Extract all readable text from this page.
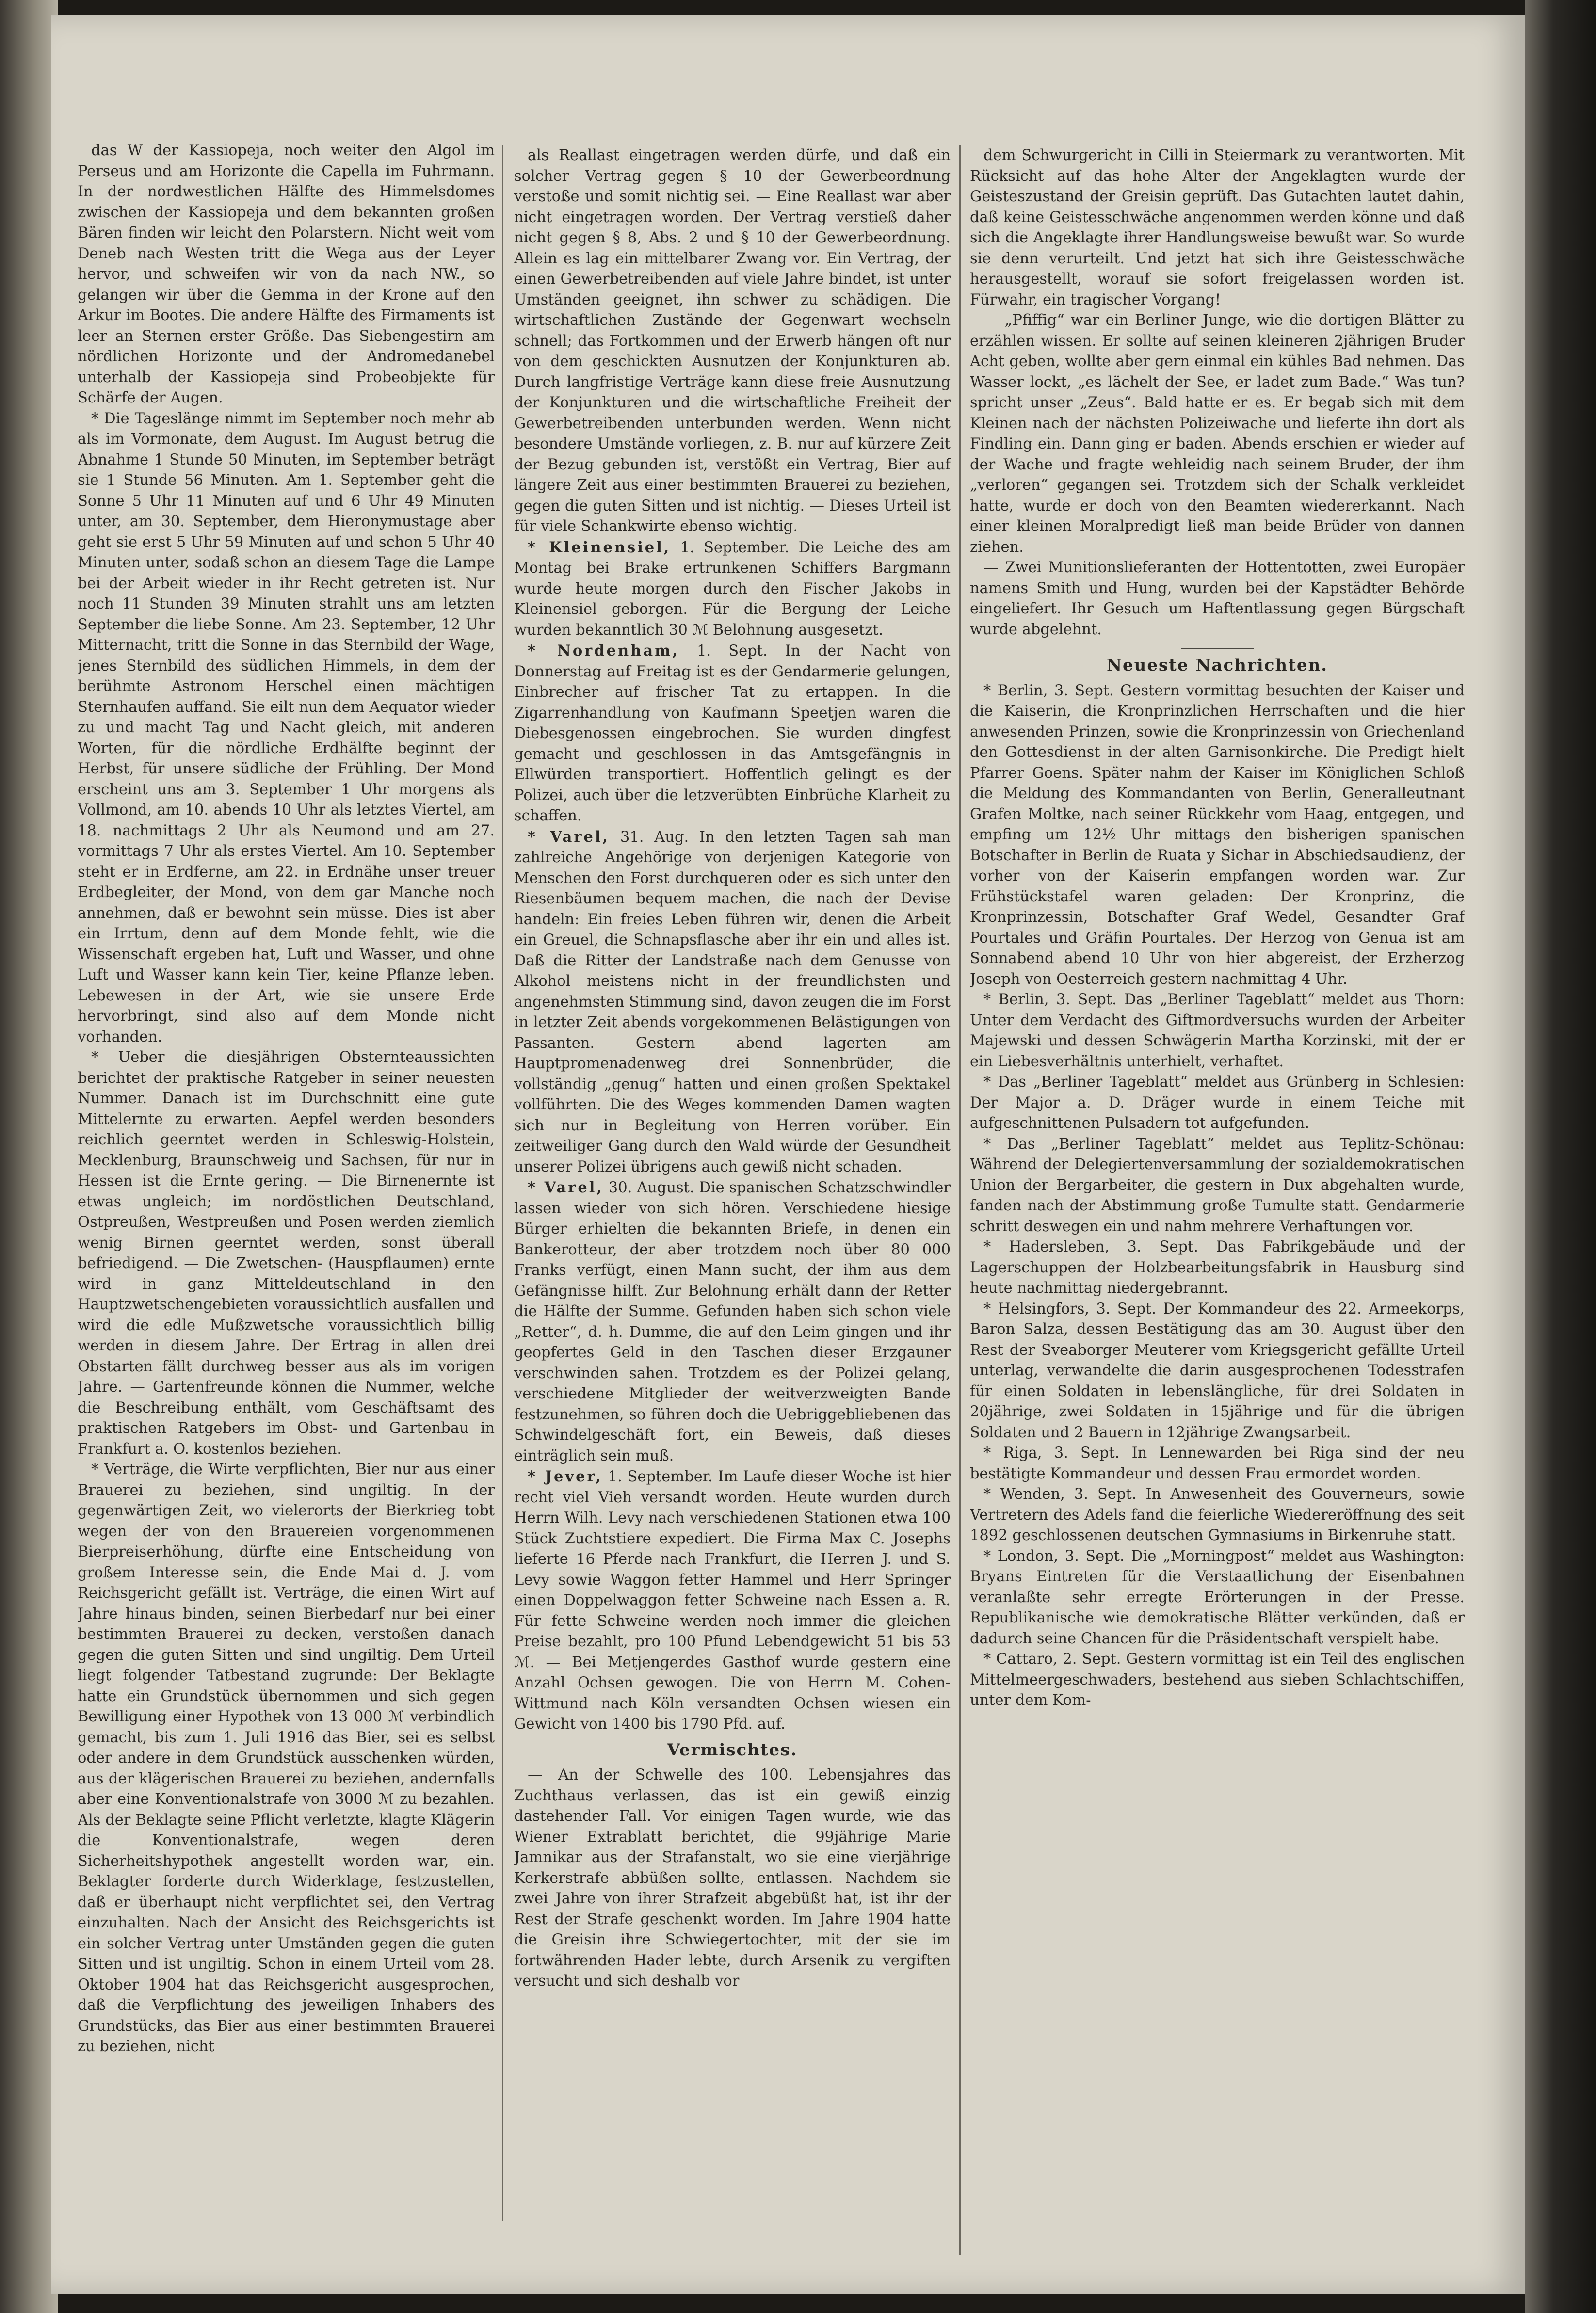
das W der Kassiopeja, noch weiter den Algol im Perseus und am Horizonte die Capella im Fuhrmann. In der nordwestlichen Hälfte des Himmelsdomes zwischen der Kassiopeja und dem bekannten großen Bären finden wir leicht den Polarstern. Nicht weit vom Deneb nach Westen tritt die Wega aus der Leyer hervor, und schweifen wir von da nach NW., so gelangen wir über die Gemma in der Krone auf den Arkur im Bootes. Die andere Hälfte des Firmaments ist leer an Sternen erster Größe. Das Siebengestirn am nördlichen Horizonte und der Andromedanebel unterhalb der Kassiopeja sind Probeobjekte für Schärfe der Augen.

* Die Tageslänge nimmt im September noch mehr ab als im Vormonate, dem August. Im August betrug die Abnahme 1 Stunde 50 Minuten, im September beträgt sie 1 Stunde 56 Minuten. Am 1. September geht die Sonne 5 Uhr 11 Minuten auf und 6 Uhr 49 Minuten unter, am 30. September, dem Hieronymustage aber geht sie erst 5 Uhr 59 Minuten auf und schon 5 Uhr 40 Minuten unter, sodaß schon an diesem Tage die Lampe bei der Arbeit wieder in ihr Recht getreten ist. Nur noch 11 Stunden 39 Minuten strahlt uns am letzten September die liebe Sonne. Am 23. September, 12 Uhr Mitternacht, tritt die Sonne in das Sternbild der Wage, jenes Sternbild des südlichen Himmels, in dem der berühmte Astronom Herschel einen mächtigen Sternhaufen auffand. Sie eilt nun dem Aequator wieder zu und macht Tag und Nacht gleich, mit anderen Worten, für die nördliche Erdhälfte beginnt der Herbst, für unsere südliche der Frühling. Der Mond erscheint uns am 3. September 1 Uhr morgens als Vollmond, am 10. abends 10 Uhr als letztes Viertel, am 18. nachmittags 2 Uhr als Neumond und am 27. vormittags 7 Uhr als erstes Viertel. Am 10. September steht er in Erdferne, am 22. in Erdnähe unser treuer Erdbegleiter, der Mond, von dem gar Manche noch annehmen, daß er bewohnt sein müsse. Dies ist aber ein Irrtum, denn auf dem Monde fehlt, wie die Wissenschaft ergeben hat, Luft und Wasser, und ohne Luft und Wasser kann kein Tier, keine Pflanze leben. Lebewesen in der Art, wie sie unsere Erde hervorbringt, sind also auf dem Monde nicht vorhanden.

* Ueber die diesjährigen Obsternteaussichten berichtet der praktische Ratgeber in seiner neuesten Nummer. Danach ist im Durchschnitt eine gute Mittelernte zu erwarten. Aepfel werden besonders reichlich geerntet werden in Schleswig-Holstein, Mecklenburg, Braunschweig und Sachsen, für nur in Hessen ist die Ernte gering. — Die Birnenernte ist etwas ungleich; im nordöstlichen Deutschland, Ostpreußen, Westpreußen und Posen werden ziemlich wenig Birnen geerntet werden, sonst überall befriedigend. — Die Zwetschen- (Hauspflaumen) ernte wird in ganz Mitteldeutschland in den Hauptzwetschengebieten voraussichtlich ausfallen und wird die edle Mußzwetsche voraussichtlich billig werden in diesem Jahre. Der Ertrag in allen drei Obstarten fällt durchweg besser aus als im vorigen Jahre. — Gartenfreunde können die Nummer, welche die Beschreibung enthält, vom Geschäftsamt des praktischen Ratgebers im Obst- und Gartenbau in Frankfurt a. O. kostenlos beziehen.

* Verträge, die Wirte verpflichten, Bier nur aus einer Brauerei zu beziehen, sind ungiltig. In der gegenwärtigen Zeit, wo vielerorts der Bierkrieg tobt wegen der von den Brauereien vorgenommenen Bierpreiserhöhung, dürfte eine Entscheidung von großem Interesse sein, die Ende Mai d. J. vom Reichsgericht gefällt ist. Verträge, die einen Wirt auf Jahre hinaus binden, seinen Bierbedarf nur bei einer bestimmten Brauerei zu decken, verstoßen danach gegen die guten Sitten und sind ungiltig. Dem Urteil liegt folgender Tatbestand zugrunde: Der Beklagte hatte ein Grundstück übernommen und sich gegen Bewilligung einer Hypothek von 13 000 ℳ verbindlich gemacht, bis zum 1. Juli 1916 das Bier, sei es selbst oder andere in dem Grundstück ausschenken würden, aus der klägerischen Brauerei zu beziehen, andernfalls aber eine Konventionalstrafe von 3000 ℳ zu bezahlen. Als der Beklagte seine Pflicht verletzte, klagte Klägerin die Konventionalstrafe, wegen deren Sicherheitshypothek angestellt worden war, ein. Beklagter forderte durch Widerklage, festzustellen, daß er überhaupt nicht verpflichtet sei, den Vertrag einzuhalten. Nach der Ansicht des Reichsgerichts ist ein solcher Vertrag unter Umständen gegen die guten Sitten und ist ungiltig. Schon in einem Urteil vom 28. Oktober 1904 hat das Reichsgericht ausgesprochen, daß die Verpflichtung des jeweiligen Inhabers des Grundstücks, das Bier aus einer bestimmten Brauerei zu beziehen, nicht

als Reallast eingetragen werden dürfe, und daß ein solcher Vertrag gegen § 10 der Gewerbeordnung verstoße und somit nichtig sei. — Eine Reallast war aber nicht eingetragen worden. Der Vertrag verstieß daher nicht gegen § 8, Abs. 2 und § 10 der Gewerbeordnung. Allein es lag ein mittelbarer Zwang vor. Ein Vertrag, der einen Gewerbetreibenden auf viele Jahre bindet, ist unter Umständen geeignet, ihn schwer zu schädigen. Die wirtschaftlichen Zustände der Gegenwart wechseln schnell; das Fortkommen und der Erwerb hängen oft nur von dem geschickten Ausnutzen der Konjunkturen ab. Durch langfristige Verträge kann diese freie Ausnutzung der Konjunkturen und die wirtschaftliche Freiheit der Gewerbetreibenden unterbunden werden. Wenn nicht besondere Umstände vorliegen, z. B. nur auf kürzere Zeit der Bezug gebunden ist, verstößt ein Vertrag, Bier auf längere Zeit aus einer bestimmten Brauerei zu beziehen, gegen die guten Sitten und ist nichtig. — Dieses Urteil ist für viele Schankwirte ebenso wichtig.

* Kleinensiel, 1. September. Die Leiche des am Montag bei Brake ertrunkenen Schiffers Bargmann wurde heute morgen durch den Fischer Jakobs in Kleinensiel geborgen. Für die Bergung der Leiche wurden bekanntlich 30 ℳ Belohnung ausgesetzt.

* Nordenham, 1. Sept. In der Nacht von Donnerstag auf Freitag ist es der Gendarmerie gelungen, Einbrecher auf frischer Tat zu ertappen. In die Zigarrenhandlung von Kaufmann Speetjen waren die Diebesgenossen eingebrochen. Sie wurden dingfest gemacht und geschlossen in das Amtsgefängnis in Ellwürden transportiert. Hoffentlich gelingt es der Polizei, auch über die letzverübten Einbrüche Klarheit zu schaffen.

* Varel, 31. Aug. In den letzten Tagen sah man zahlreiche Angehörige von derjenigen Kategorie von Menschen den Forst durchqueren oder es sich unter den Riesenbäumen bequem machen, die nach der Devise handeln: Ein freies Leben führen wir, denen die Arbeit ein Greuel, die Schnapsflasche aber ihr ein und alles ist. Daß die Ritter der Landstraße nach dem Genusse von Alkohol meistens nicht in der freundlichsten und angenehmsten Stimmung sind, davon zeugen die im Forst in letzter Zeit abends vorgekommenen Belästigungen von Passanten. Gestern abend lagerten am Hauptpromenadenweg drei Sonnenbrüder, die vollständig „genug“ hatten und einen großen Spektakel vollführten. Die des Weges kommenden Damen wagten sich nur in Begleitung von Herren vorüber. Ein zeitweiliger Gang durch den Wald würde der Gesundheit unserer Polizei übrigens auch gewiß nicht schaden.

* Varel, 30. August. Die spanischen Schatzschwindler lassen wieder von sich hören. Verschiedene hiesige Bürger erhielten die bekannten Briefe, in denen ein Bankerotteur, der aber trotzdem noch über 80 000 Franks verfügt, einen Mann sucht, der ihm aus dem Gefängnisse hilft. Zur Belohnung erhält dann der Retter die Hälfte der Summe. Gefunden haben sich schon viele „Retter“, d. h. Dumme, die auf den Leim gingen und ihr geopfertes Geld in den Taschen dieser Erzgauner verschwinden sahen. Trotzdem es der Polizei gelang, verschiedene Mitglieder der weitverzweigten Bande festzunehmen, so führen doch die Uebriggebliebenen das Schwindelgeschäft fort, ein Beweis, daß dieses einträglich sein muß.

* Jever, 1. September. Im Laufe dieser Woche ist hier recht viel Vieh versandt worden. Heute wurden durch Herrn Wilh. Levy nach verschiedenen Stationen etwa 100 Stück Zuchtstiere expediert. Die Firma Max C. Josephs lieferte 16 Pferde nach Frankfurt, die Herren J. und S. Levy sowie Waggon fetter Hammel und Herr Springer einen Doppelwaggon fetter Schweine nach Essen a. R. Für fette Schweine werden noch immer die gleichen Preise bezahlt, pro 100 Pfund Lebendgewicht 51 bis 53 ℳ. — Bei Metjengerdes Gasthof wurde gestern eine Anzahl Ochsen gewogen. Die von Herrn M. Cohen-Wittmund nach Köln versandten Ochsen wiesen ein Gewicht von 1400 bis 1790 Pfd. auf.

Vermischtes.

— An der Schwelle des 100. Lebensjahres das Zuchthaus verlassen, das ist ein gewiß einzig dastehender Fall. Vor einigen Tagen wurde, wie das Wiener Extrablatt berichtet, die 99jährige Marie Jamnikar aus der Strafanstalt, wo sie eine vierjährige Kerkerstrafe abbüßen sollte, entlassen. Nachdem sie zwei Jahre von ihrer Strafzeit abgebüßt hat, ist ihr der Rest der Strafe geschenkt worden. Im Jahre 1904 hatte die Greisin ihre Schwiegertochter, mit der sie im fortwährenden Hader lebte, durch Arsenik zu vergiften versucht und sich deshalb vor

dem Schwurgericht in Cilli in Steiermark zu verantworten. Mit Rücksicht auf das hohe Alter der Angeklagten wurde der Geisteszustand der Greisin geprüft. Das Gutachten lautet dahin, daß keine Geistesschwäche angenommen werden könne und daß sich die Angeklagte ihrer Handlungsweise bewußt war. So wurde sie denn verurteilt. Und jetzt hat sich ihre Geistesschwäche herausgestellt, worauf sie sofort freigelassen worden ist. Fürwahr, ein tragischer Vorgang!

— „Pfiffig“ war ein Berliner Junge, wie die dortigen Blätter zu erzählen wissen. Er sollte auf seinen kleineren 2jährigen Bruder Acht geben, wollte aber gern einmal ein kühles Bad nehmen. Das Wasser lockt, „es lächelt der See, er ladet zum Bade.“ Was tun? spricht unser „Zeus“. Bald hatte er es. Er begab sich mit dem Kleinen nach der nächsten Polizeiwache und lieferte ihn dort als Findling ein. Dann ging er baden. Abends erschien er wieder auf der Wache und fragte wehleidig nach seinem Bruder, der ihm „verloren“ gegangen sei. Trotzdem sich der Schalk verkleidet hatte, wurde er doch von den Beamten wiedererkannt. Nach einer kleinen Moralpredigt ließ man beide Brüder von dannen ziehen.

— Zwei Munitionslieferanten der Hottentotten, zwei Europäer namens Smith und Hung, wurden bei der Kapstädter Behörde eingeliefert. Ihr Gesuch um Haftentlassung gegen Bürgschaft wurde abgelehnt.

Neueste Nachrichten.

* Berlin, 3. Sept. Gestern vormittag besuchten der Kaiser und die Kaiserin, die Kronprinzlichen Herrschaften und die hier anwesenden Prinzen, sowie die Kronprinzessin von Griechenland den Gottesdienst in der alten Garnisonkirche. Die Predigt hielt Pfarrer Goens. Später nahm der Kaiser im Königlichen Schloß die Meldung des Kommandanten von Berlin, Generalleutnant Grafen Moltke, nach seiner Rückkehr vom Haag, entgegen, und empfing um 12½ Uhr mittags den bisherigen spanischen Botschafter in Berlin de Ruata y Sichar in Abschiedsaudienz, der vorher von der Kaiserin empfangen worden war. Zur Frühstückstafel waren geladen: Der Kronprinz, die Kronprinzessin, Botschafter Graf Wedel, Gesandter Graf Pourtales und Gräfin Pourtales. Der Herzog von Genua ist am Sonnabend abend 10 Uhr von hier abgereist, der Erzherzog Joseph von Oesterreich gestern nachmittag 4 Uhr.

* Berlin, 3. Sept. Das „Berliner Tageblatt“ meldet aus Thorn: Unter dem Verdacht des Giftmordversuchs wurden der Arbeiter Majewski und dessen Schwägerin Martha Korzinski, mit der er ein Liebesverhältnis unterhielt, verhaftet.

* Das „Berliner Tageblatt“ meldet aus Grünberg in Schlesien: Der Major a. D. Dräger wurde in einem Teiche mit aufgeschnittenen Pulsadern tot aufgefunden.

* Das „Berliner Tageblatt“ meldet aus Teplitz-Schönau: Während der Delegiertenversammlung der sozialdemokratischen Union der Bergarbeiter, die gestern in Dux abgehalten wurde, fanden nach der Abstimmung große Tumulte statt. Gendarmerie schritt deswegen ein und nahm mehrere Verhaftungen vor.

* Hadersleben, 3. Sept. Das Fabrikgebäude und der Lagerschuppen der Holzbearbeitungsfabrik in Hausburg sind heute nachmittag niedergebrannt.

* Helsingfors, 3. Sept. Der Kommandeur des 22. Armeekorps, Baron Salza, dessen Bestätigung das am 30. August über den Rest der Sveaborger Meuterer vom Kriegsgericht gefällte Urteil unterlag, verwandelte die darin ausgesprochenen Todesstrafen für einen Soldaten in lebenslängliche, für drei Soldaten in 20jährige, zwei Soldaten in 15jährige und für die übrigen Soldaten und 2 Bauern in 12jährige Zwangsarbeit.

* Riga, 3. Sept. In Lennewarden bei Riga sind der neu bestätigte Kommandeur und dessen Frau ermordet worden.

* Wenden, 3. Sept. In Anwesenheit des Gouverneurs, sowie Vertretern des Adels fand die feierliche Wiedereröffnung des seit 1892 geschlossenen deutschen Gymnasiums in Birkenruhe statt.

* London, 3. Sept. Die „Morningpost“ meldet aus Washington: Bryans Eintreten für die Verstaatlichung der Eisenbahnen veranlaßte sehr erregte Erörterungen in der Presse. Republikanische wie demokratische Blätter verkünden, daß er dadurch seine Chancen für die Präsidentschaft verspielt habe.

* Cattaro, 2. Sept. Gestern vormittag ist ein Teil des englischen Mittelmeergeschwaders, bestehend aus sieben Schlachtschiffen, unter dem Kom-
